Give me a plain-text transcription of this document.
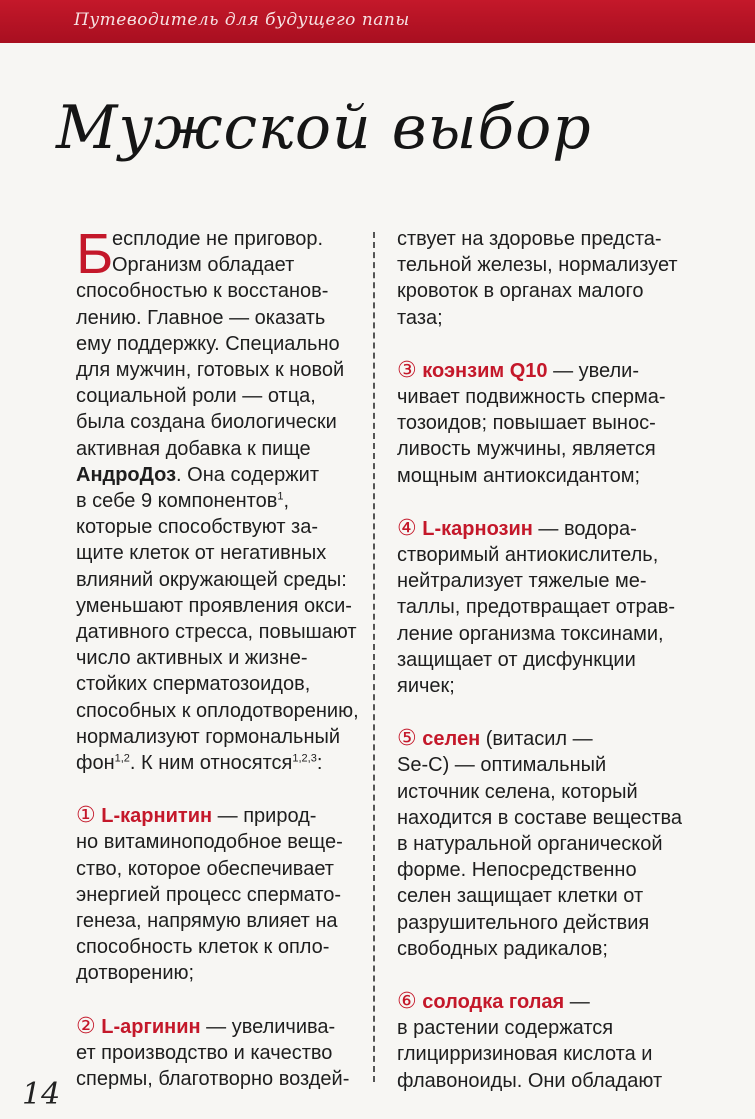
Путеводитель для будущего папы
Мужской выбор
Б
есплодие не приговор.
Организм обладает
способностью к восстанов-
лению. Главное — оказать
ему поддержку. Специально
для мужчин, готовых к новой
социальной роли — отца,
была создана биологически
активная добавка к пище
АндроДоз. Она содержит
в себе 9 компонентов$^1$,
которые способствуют за-
щите клеток от негативных
влияний окружающей среды:
уменьшают проявления окси-
дативного стресса, повышают
число активных и жизне-
стойких сперматозоидов,
способных к оплодотворению,
нормализуют гормональный
фон$^{1,2}$. К ним относятся$^{1,2,3}$:
① L-карнитин — природ-
но витаминоподобное веще-
ство, которое обеспечивает
энергией процесс спермато-
генеза, напрямую влияет на
способность клеток к опло-
дотворению;
② L-аргинин — увеличива-
ет производство и качество
спермы, благотворно воздей-
ствует на здоровье предста-
тельной железы, нормализует
кровоток в органах малого
таза;
③ коэнзим Q10 — увели-
чивает подвижность сперма-
тозоидов; повышает вынос-
ливость мужчины, является
мощным антиоксидантом;
④ L-карнозин — водора-
створимый антиокислитель,
нейтрализует тяжелые ме-
таллы, предотвращает отрав-
ление организма токсинами,
защищает от дисфункции
яичек;
⑤ селен (витасил —
Se-C) — оптимальный
источник селена, который
находится в составе вещества
в натуральной органической
форме. Непосредственно
селен защищает клетки от
разрушительного действия
свободных радикалов;
⑥ солодка голая —
в растении содержатся
глицирризиновая кислота и
флавоноиды. Они обладают
14
